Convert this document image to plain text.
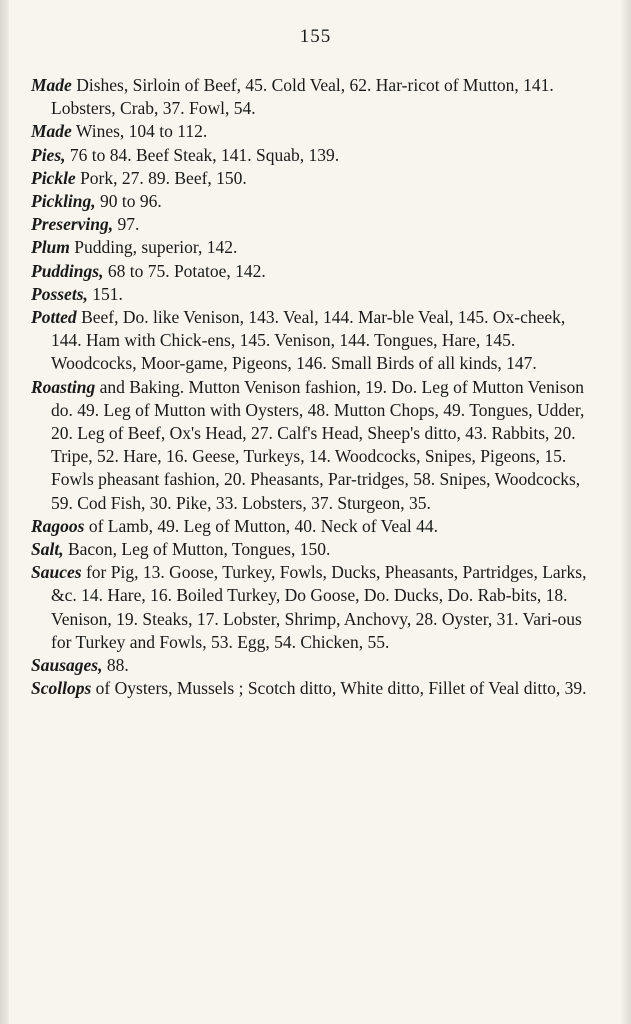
155

Made Dishes, Sirloin of Beef, 45. Cold Veal, 62. Har-ricot of Mutton, 141. Lobsters, Crab, 37. Fowl, 54.

Made Wines, 104 to 112.

Pies, 76 to 84. Beef Steak, 141. Squab, 139.

Pickle Pork, 27. 89. Beef, 150.

Pickling, 90 to 96.

Preserving, 97.

Plum Pudding, superior, 142.

Puddings, 68 to 75. Potatoe, 142.

Possets, 151.

Potted Beef, Do. like Venison, 143. Veal, 144. Mar-ble Veal, 145. Ox-cheek, 144. Ham with Chick-ens, 145. Venison, 144. Tongues, Hare, 145. Woodcocks, Moor-game, Pigeons, 146. Small Birds of all kinds, 147.

Roasting and Baking. Mutton Venison fashion, 19. Do. Leg of Mutton Venison do. 49. Leg of Mutton with Oysters, 48. Mutton Chops, 49. Tongues, Udder, 20. Leg of Beef, Ox's Head, 27. Calf's Head, Sheep's ditto, 43. Rabbits, 20. Tripe, 52. Hare, 16. Geese, Turkeys, 14. Woodcocks, Snipes, Pigeons, 15. Fowls pheasant fashion, 20. Pheasants, Par-tridges, 58. Snipes, Woodcocks, 59. Cod Fish, 30. Pike, 33. Lobsters, 37. Sturgeon, 35.

Ragoos of Lamb, 49. Leg of Mutton, 40. Neck of Veal 44.

Salt, Bacon, Leg of Mutton, Tongues, 150.

Sauces for Pig, 13. Goose, Turkey, Fowls, Ducks, Pheasants, Partridges, Larks, &c. 14. Hare, 16. Boiled Turkey, Do Goose, Do. Ducks, Do. Rab-bits, 18. Venison, 19. Steaks, 17. Lobster, Shrimp, Anchovy, 28. Oyster, 31. Vari-ous for Turkey and Fowls, 53. Egg, 54. Chicken, 55.

Sausages, 88.

Scollops of Oysters, Mussels ; Scotch ditto, White ditto, Fillet of Veal ditto, 39.
